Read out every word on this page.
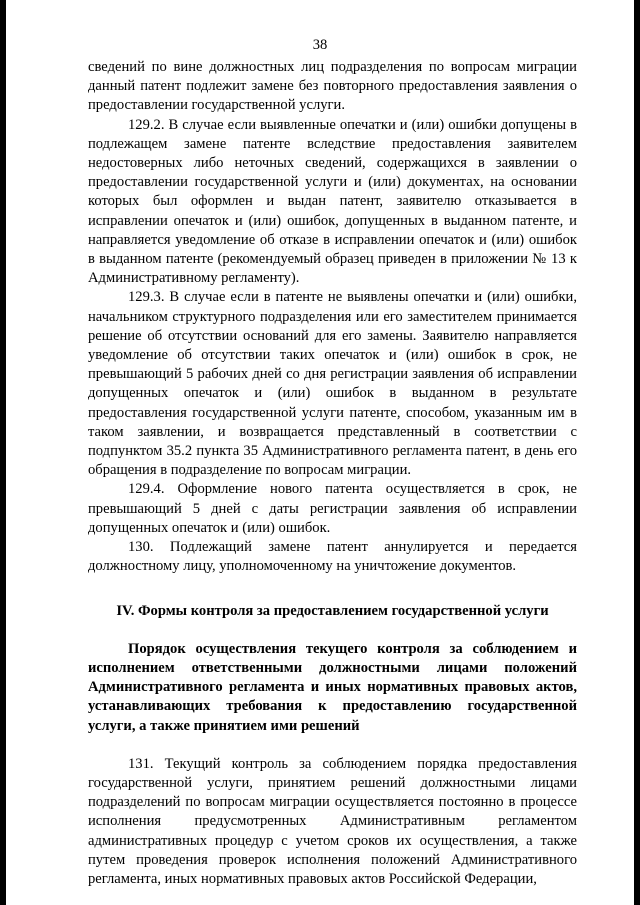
38

сведений по вине должностных лиц подразделения по вопросам миграции данный патент подлежит замене без повторного предоставления заявления о предоставлении государственной услуги.

129.2. В случае если выявленные опечатки и (или) ошибки допущены в подлежащем замене патенте вследствие предоставления заявителем недостоверных либо неточных сведений, содержащихся в заявлении о предоставлении государственной услуги и (или) документах, на основании которых был оформлен и выдан патент, заявителю отказывается в исправлении опечаток и (или) ошибок, допущенных в выданном патенте, и направляется уведомление об отказе в исправлении опечаток и (или) ошибок в выданном патенте (рекомендуемый образец приведен в приложении № 13 к Административному регламенту).

129.3. В случае если в патенте не выявлены опечатки и (или) ошибки, начальником структурного подразделения или его заместителем принимается решение об отсутствии оснований для его замены. Заявителю направляется уведомление об отсутствии таких опечаток и (или) ошибок в срок, не превышающий 5 рабочих дней со дня регистрации заявления об исправлении допущенных опечаток и (или) ошибок в выданном в результате предоставления государственной услуги патенте, способом, указанным им в таком заявлении, и возвращается представленный в соответствии с подпунктом 35.2 пункта 35 Административного регламента патент, в день его обращения в подразделение по вопросам миграции.

129.4. Оформление нового патента осуществляется в срок, не превышающий 5 дней с даты регистрации заявления об исправлении допущенных опечаток и (или) ошибок.

130. Подлежащий замене патент аннулируется и передается должностному лицу, уполномоченному на уничтожение документов.

IV. Формы контроля за предоставлением государственной услуги

Порядок осуществления текущего контроля за соблюдением и исполнением ответственными должностными лицами положений Административного регламента и иных нормативных правовых актов, устанавливающих требования к предоставлению государственной услуги, а также принятием ими решений

131. Текущий контроль за соблюдением порядка предоставления государственной услуги, принятием решений должностными лицами подразделений по вопросам миграции осуществляется постоянно в процессе исполнения предусмотренных Административным регламентом административных процедур с учетом сроков их осуществления, а также путем проведения проверок исполнения положений Административного регламента, иных нормативных правовых актов Российской Федерации,
